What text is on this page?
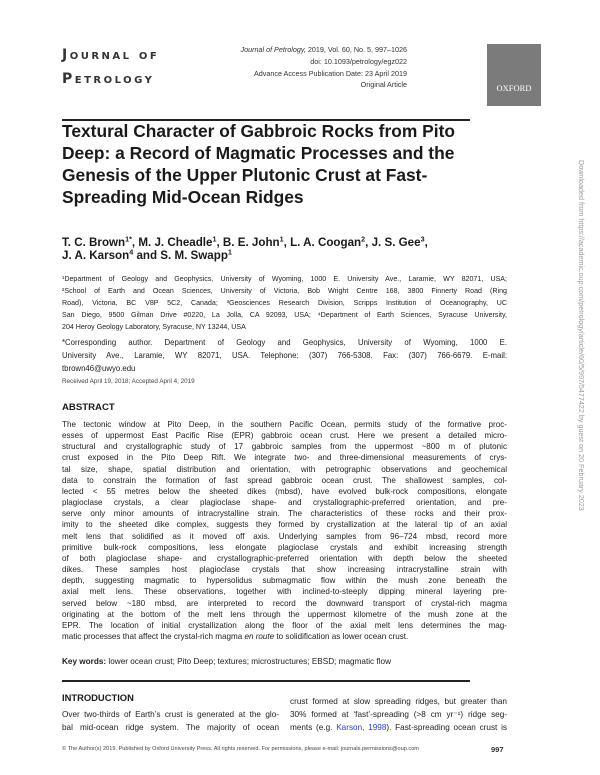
Journal of
Petrology
Journal of Petrology, 2019, Vol. 60, No. 5, 997–1026
doi: 10.1093/petrology/egz022
Advance Access Publication Date: 23 April 2019
Original Article	OXFORD
Textural Character of Gabbroic Rocks from Pito Deep: a Record of Magmatic Processes and the Genesis of the Upper Plutonic Crust at Fast-Spreading Mid-Ocean Ridges
T. C. Brown$^{1*}$, M. J. Cheadle$^1$, B. E. John$^1$, L. A. Coogan$^2$, J. S. Gee$^3$,
J. A. Karson$^4$ and S. M. Swapp$^1$
¹Department of Geology and Geophysics, University of Wyoming, 1000 E. University Ave., Laramie, WY 82071, USA;
²School of Earth and Ocean Sciences, University of Victoria, Bob Wright Centre 168, 3800 Finnerty Road (Ring
Road), Victoria, BC V8P 5C2, Canada; ³Geosciences Research Division, Scripps Institution of Oceanography, UC
San Diego, 9500 Gilman Drive #0220, La Jolla, CA 92093, USA; ⁴Department of Earth Sciences, Syracuse University,
204 Heroy Geology Laboratory, Syracuse, NY 13244, USA
*Corresponding author. Department of Geology and Geophysics, University of Wyoming, 1000 E.
University Ave., Laramie, WY 82071, USA. Telephone: (307) 766-5308. Fax: (307) 766-6679. E-mail:
tbrown46@uwyo.edu
Received April 19, 2018; Accepted April 4, 2019
ABSTRACT
The tectonic window at Pito Deep, in the southern Pacific Ocean, permits study of the formative proc-
esses of uppermost East Pacific Rise (EPR) gabbroic ocean crust. Here we present a detailed micro-
structural and crystallographic study of 17 gabbroic samples from the uppermost ~800 m of plutonic
crust exposed in the Pito Deep Rift. We integrate two- and three-dimensional measurements of crys-
tal size, shape, spatial distribution and orientation, with petrographic observations and geochemical
data to constrain the formation of fast spread gabbroic ocean crust. The shallowest samples, col-
lected < 55 metres below the sheeted dikes (mbsd), have evolved bulk-rock compositions, elongate
plagioclase crystals, a clear plagioclase shape- and crystallographic-preferred orientation, and pre-
serve only minor amounts of intracrystalline strain. The characteristics of these rocks and their prox-
imity to the sheeted dike complex, suggests they formed by crystallization at the lateral tip of an axial
melt lens that solidified as it moved off axis. Underlying samples from 96–724 mbsd, record more
primitive bulk-rock compositions, less elongate plagioclase crystals and exhibit increasing strength
of both plagioclase shape- and crystallographic-preferred orientation with depth below the sheeted
dikes. These samples host plagioclase crystals that show increasing intracrystalline strain with
depth, suggesting magmatic to hypersolidus submagmatic flow within the mush zone beneath the
axial melt lens. These observations, together with inclined-to-steeply dipping mineral layering pre-
served below ~180 mbsd, are interpreted to record the downward transport of crystal-rich magma
originating at the bottom of the melt lens through the uppermost kilometre of the mush zone at the
EPR. The location of initial crystallization along the floor of the axial melt lens determines the mag-
matic processes that affect the crystal-rich magma en route to solidification as lower ocean crust.
Key words: lower ocean crust; Pito Deep; textures; microstructures; EBSD; magmatic flow
INTRODUCTION
Over two-thirds of Earth’s crust is generated at the glo-
bal mid-ocean ridge system. The majority of ocean
crust formed at slow spreading ridges, but greater than
30% formed at ‘fast’-spreading (>8 cm yr⁻¹) ridge seg-
ments (e.g. Karson, 1998). Fast-spreading ocean crust is
© The Author(s) 2019. Published by Oxford University Press. All rights reserved. For permissions, please e-mail: journals.permissions@oup.com	997
Downloaded from https://academic.oup.com/petrology/article/60/5/997/5477422 by guest on 20 February 2023
